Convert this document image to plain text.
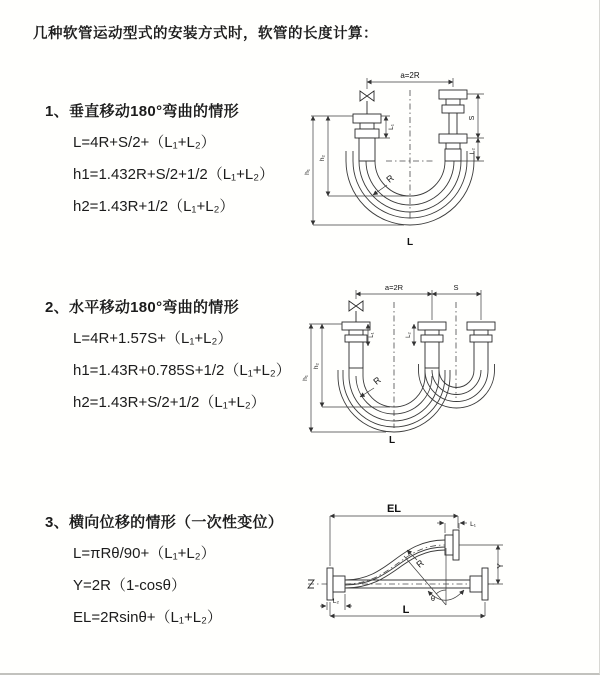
几种软管运动型式的安装方式时，软管的长度计算：
1、垂直移动180°弯曲的情形
L=4R+S/2+（L₁+L₂）
h1=1.432R+S/2+1/2（L₁+L₂）
h2=1.43R+1/2（L₁+L₂）
a=2R
L₁
S
L₂
h₂
h₁
R
L
2、水平移动180°弯曲的情形
L=4R+1.57S+（L₁+L₂）
h1=1.43R+0.785S+1/2（L₁+L₂）
h2=1.43R+S/2+1/2（L₁+L₂）
a=2R	S
L₁	L₂
h₂
h₁	R
L
3、横向位移的情形（一次性变位）
L=πRθ/90+（L₁+L₂）
Y=2R（1-cosθ）
EL=2Rsinθ+（L₁+L₂）
EL
L₁
Y
θ
R
L
L₂
